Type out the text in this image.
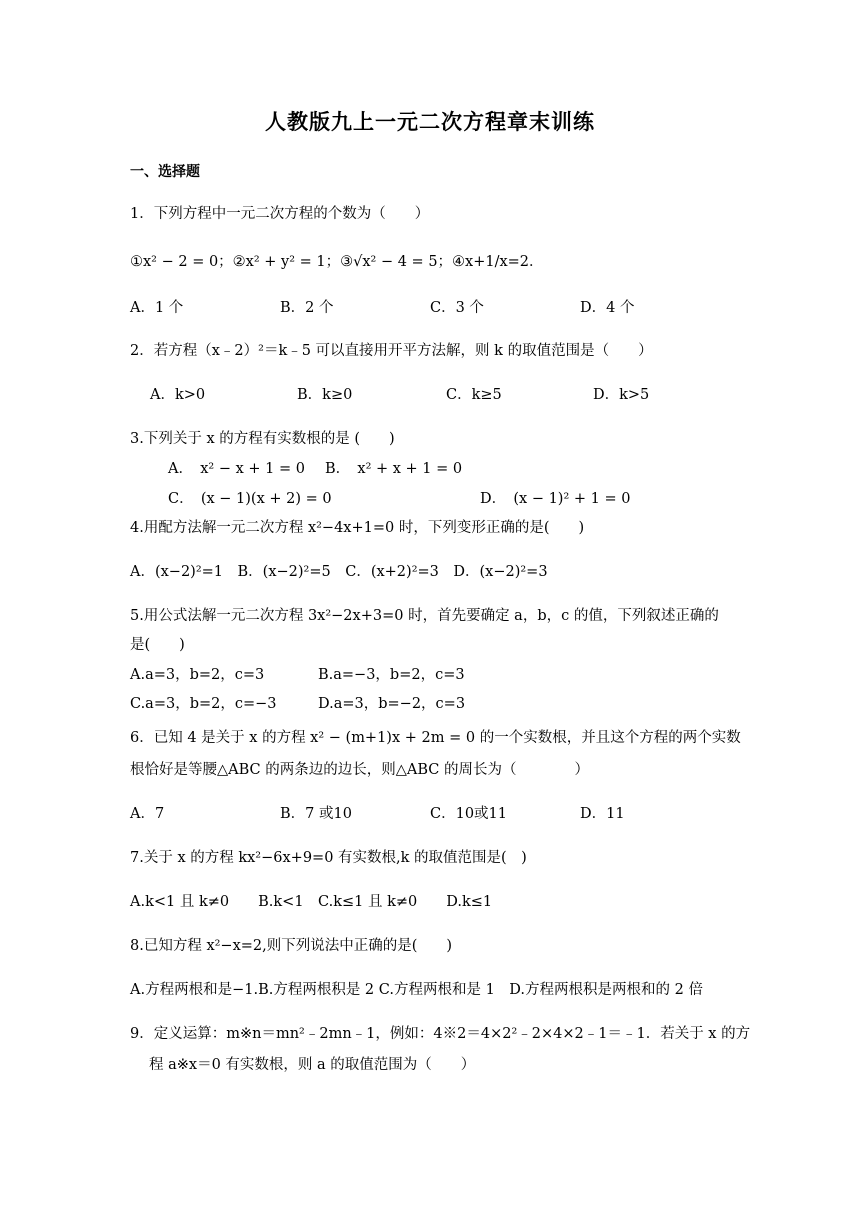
人教版九上一元二次方程章末训练
一、选择题
1．下列方程中一元二次方程的个数为（　　）
①x² − 2 = 0；②x² + y² = 1；③√x² − 4 = 5；④x+1/x=2．
A．1 个	B．2 个	C．3 个	D．4 个
2．若方程（x﹣2）²＝k﹣5 可以直接用开平方法解，则 k 的取值范围是（　　）
A．k>0	B．k≥0	C．k≥5	D．k>5
3.下列关于 x 的方程有实数根的是 (　　)
A．　x² − x + 1 = 0 B．　x² + x + 1 = 0
C．　(x − 1)(x + 2) = 0	D．　(x − 1)² + 1 = 0
4.用配方法解一元二次方程 x²−4x+1=0 时，下列变形正确的是(　　)
A．(x−2)²=1　B．(x−2)²=5　C．(x+2)²=3　D．(x−2)²=3
5.用公式法解一元二次方程 3x²−2x+3=0 时，首先要确定 a，b，c 的值，下列叙述正确的
是(　　)
A.a=3，b=2，c=3	B.a=−3，b=2，c=3
C.a=3，b=2，c=−3	D.a=3，b=−2，c=3
6．已知 4 是关于 x 的方程 x² − (m+1)x + 2m = 0 的一个实数根，并且这个方程的两个实数
根恰好是等腰△ABC 的两条边的边长，则△ABC 的周长为（　　　　）
A．7	B．7 或10	C．10或11	D．11
7.关于 x 的方程 kx²−6x+9=0 有实数根,k 的取值范围是(　)
A.k<1 且 k≠0　　B.k<1　C.k≤1 且 k≠0　　D.k≤1
8.已知方程 x²−x=2,则下列说法中正确的是(　　)
A.方程两根和是−1.B.方程两根积是 2 C.方程两根和是 1　D.方程两根积是两根和的 2 倍
9．定义运算：m※n＝mn²﹣2mn﹣1，例如：4※2＝4×2²﹣2×4×2﹣1＝﹣1．若关于 x 的方
程 a※x＝0 有实数根，则 a 的取值范围为（　　）
